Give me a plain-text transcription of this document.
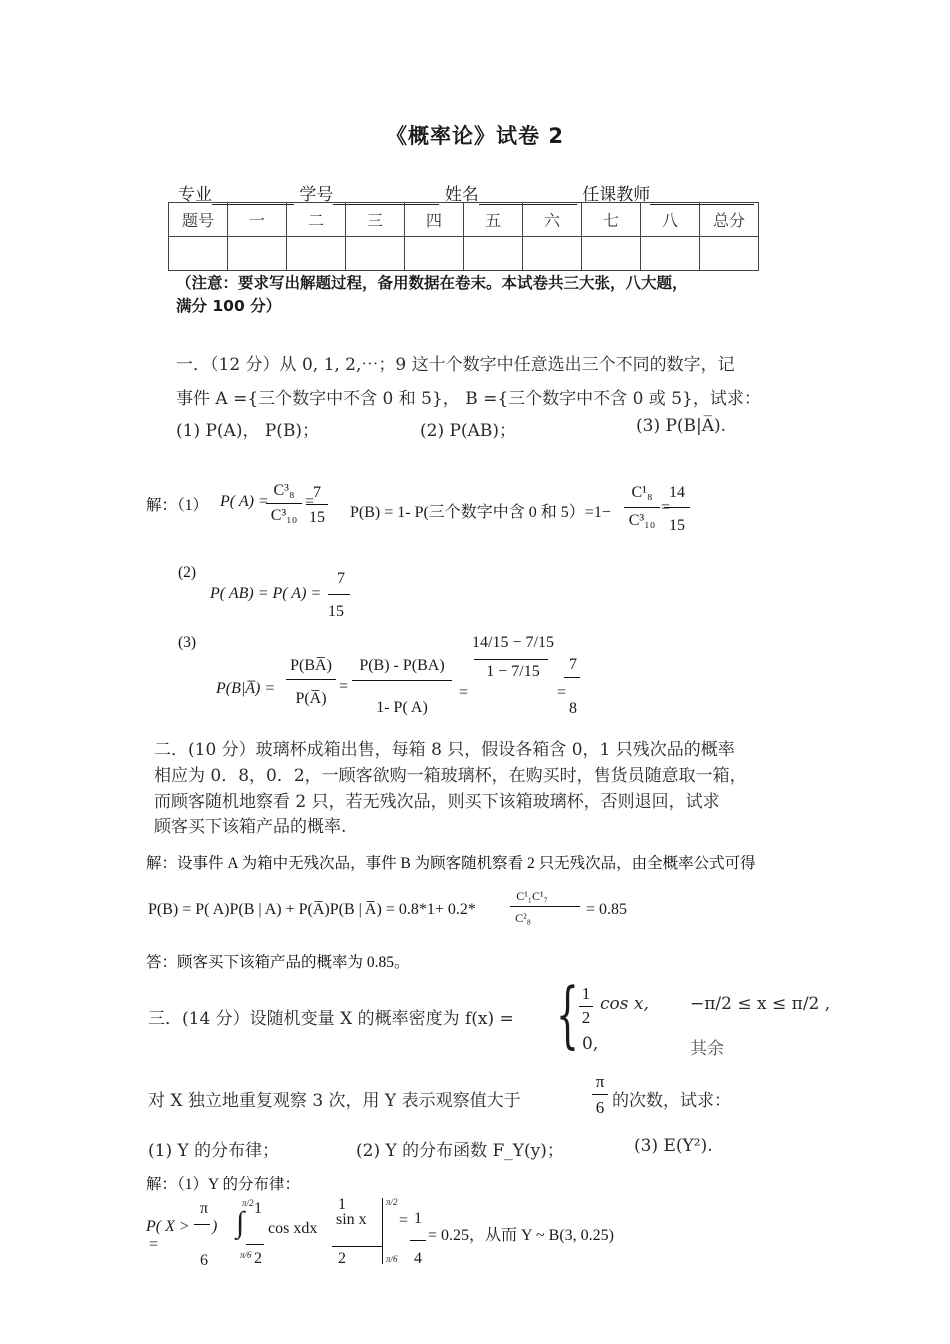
《概率论》试卷 2
专业	学号	姓名	任课教师
题号	一	二	三	四	五	六	七	八	总分

（注意：要求写出解题过程，备用数据在卷末。本试卷共三大张，八大题，
满分 100 分）
一．（12 分）从 0, 1, 2,⋯；9 这十个数字中任意选出三个不同的数字，记
事件 A ={三个数字中不含 0 和 5}， B ={三个数字中不含 0 或 5}，试求：
(1) P(A)， P(B)；	(2) P(AB)；	(3) P(B|A̅).
解：（1） P( A) =
C³₈
C³₁₀
=
7
15	P(B) = 1- P(三个数字中含 0 和 5）=1−
C¹₈
C³₁₀
=
14
15
(2)
P( AB) = P( A) =
7
15
(3)
P(B|A̅) =
P(BA̅)
P(A̅)
=
P(B) - P(BA)
1- P( A)
=
14/15 − 7/15
1 − 7/15
=
7
8
二．(10 分）玻璃杯成箱出售，每箱 8 只，假设各箱含 0，1 只残次品的概率
相应为 0．8，0．2，一顾客欲购一箱玻璃杯，在购买时，售货员随意取一箱，
而顾客随机地察看 2 只，若无残次品，则买下该箱玻璃杯，否则退回，试求
顾客买下该箱产品的概率.
解：设事件 A 为箱中无残次品，事件 B 为顾客随机察看 2 只无残次品，由全概率公式可得
P(B) = P( A)P(B | A) + P(A̅)P(B | A̅) = 0.8*1+ 0.2*
C¹₁C¹₇
C²₈	= 0.85
答：顾客买下该箱产品的概率为 0.85。
三．(14 分）设随机变量 X 的概率密度为 f(x) = { 1
2
cos x, −π/2 ≤ x ≤ π/2 ,
0,	其余
对 X 独立地重复观察 3 次，用 Y 表示观察值大于
π
6 的次数，试求：
(1) Y 的分布律；	(2) Y 的分布函数 F_Y(y)；	(3) E(Y²).
解：（1）Y 的分布律：
P( X >
π
6
)
=
∫
π/2
π/6
1
2
cos xdx
1
2
sin x
π/2
π/6
= 1
4
= 0.25，从而 Y ~ B(3, 0.25)
